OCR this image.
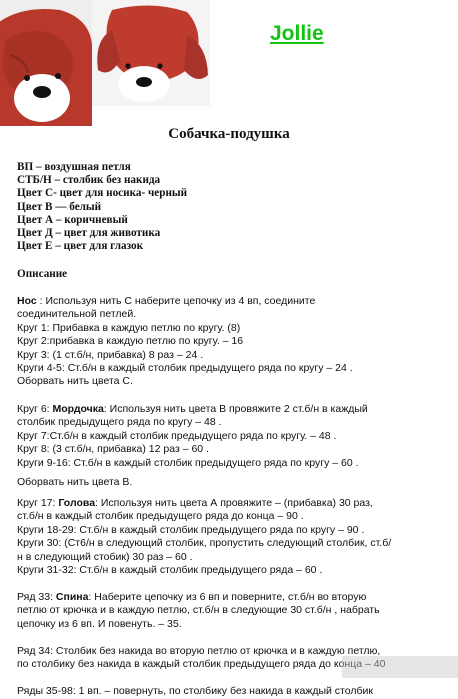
Jollie
Собачка-подушка
ВП – воздушная петля
СТБ/Н – столбик без накида
Цвет С- цвет для носика- черный
Цвет В — белый
Цвет А – коричневый
Цвет Д – цвет для животика
Цвет Е – цвет для глазок
Описание
Нос : Используя нить С наберите цепочку из 4 вп, соедините
соединительной петлей.
Круг 1: Прибавка в каждую петлю по кругу. (8)
Круг 2:прибавка в каждую петлю по кругу. – 16
Круг 3: (1 ст.б/н, прибавка) 8 раз – 24 .
Круги 4-5: Ст.б/н в каждый столбик предыдущего ряда по кругу – 24 .
Оборвать нить цвета С.
Круг 6: Мордочка: Используя нить цвета В провяжите 2 ст.б/н в каждый
столбик предыдущего ряда по кругу – 48 .
Круг 7:Ст.б/н в каждый столбик предыдущего ряда по кругу. – 48 .
Круг 8: (3 ст.б/н, прибавка) 12 раз – 60 .
Круги 9-16: Ст.б/н в каждый столбик предыдущего ряда по кругу – 60 .
Оборвать нить цвета В.
Круг 17: Голова: Используя нить цвета А провяжите – (прибавка) 30 раз,
ст.б/н в каждый столбик предыдущего ряда до конца – 90 .
Круги 18-29: Ст.б/н в каждый столбик предыдущего ряда по кругу – 90 .
Круги 30: (Ст6/н в следующий столбик, пропустить следующий столбик, ст.б/
н в следующий стобик) 30 раз – 60 .
Круги 31-32: Ст.б/н в каждый столбик предыдущего ряда – 60 .
Ряд 33: Спина: Наберите цепочку из 6 вп и поверните, ст.б/н во вторую
петлю от крючка и в каждую петлю, ст.б/н в следующие 30 ст.б/н , набрать
цепочку из 6 вп. И повенуть. – 35.
Ряд 34: Столбик без накида во вторую петлю от крючка и в каждую петлю,
по столбику без накида в каждый столбик предыдущего ряда до конца – 40
Ряды 35-98: 1 вп. – повернуть, по столбику без накида в каждый столбик
